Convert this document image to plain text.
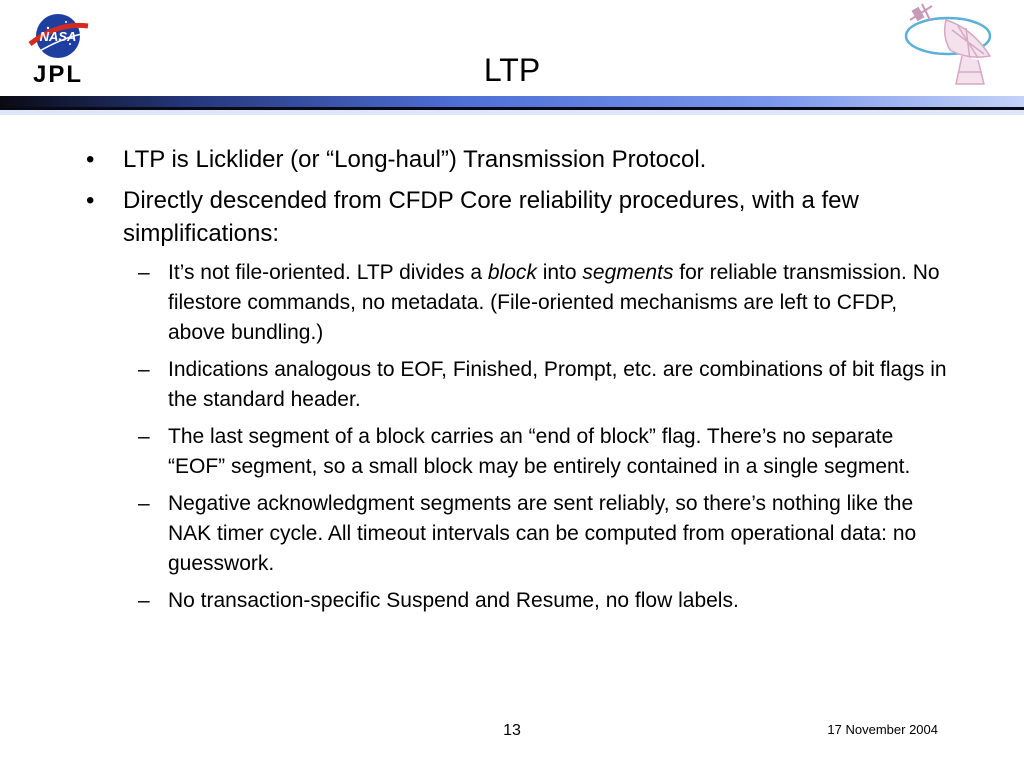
NASA
JPL	LTP
•	LTP is Licklider (or “Long-haul”) Transmission Protocol.
•	Directly descended from CFDP Core reliability procedures, with a few simplifications:
– It’s not file-oriented. LTP divides a block into segments for reliable transmission. No filestore commands, no metadata. (File-oriented mechanisms are left to CFDP, above bundling.)
– Indications analogous to EOF, Finished, Prompt, etc. are combinations of bit flags in the standard header.
– The last segment of a block carries an “end of block” flag. There’s no separate “EOF” segment, so a small block may be entirely contained in a single segment.
– Negative acknowledgment segments are sent reliably, so there’s nothing like the NAK timer cycle. All timeout intervals can be computed from operational data: no guesswork.
– No transaction-specific Suspend and Resume, no flow labels.
13	17 November 2004
